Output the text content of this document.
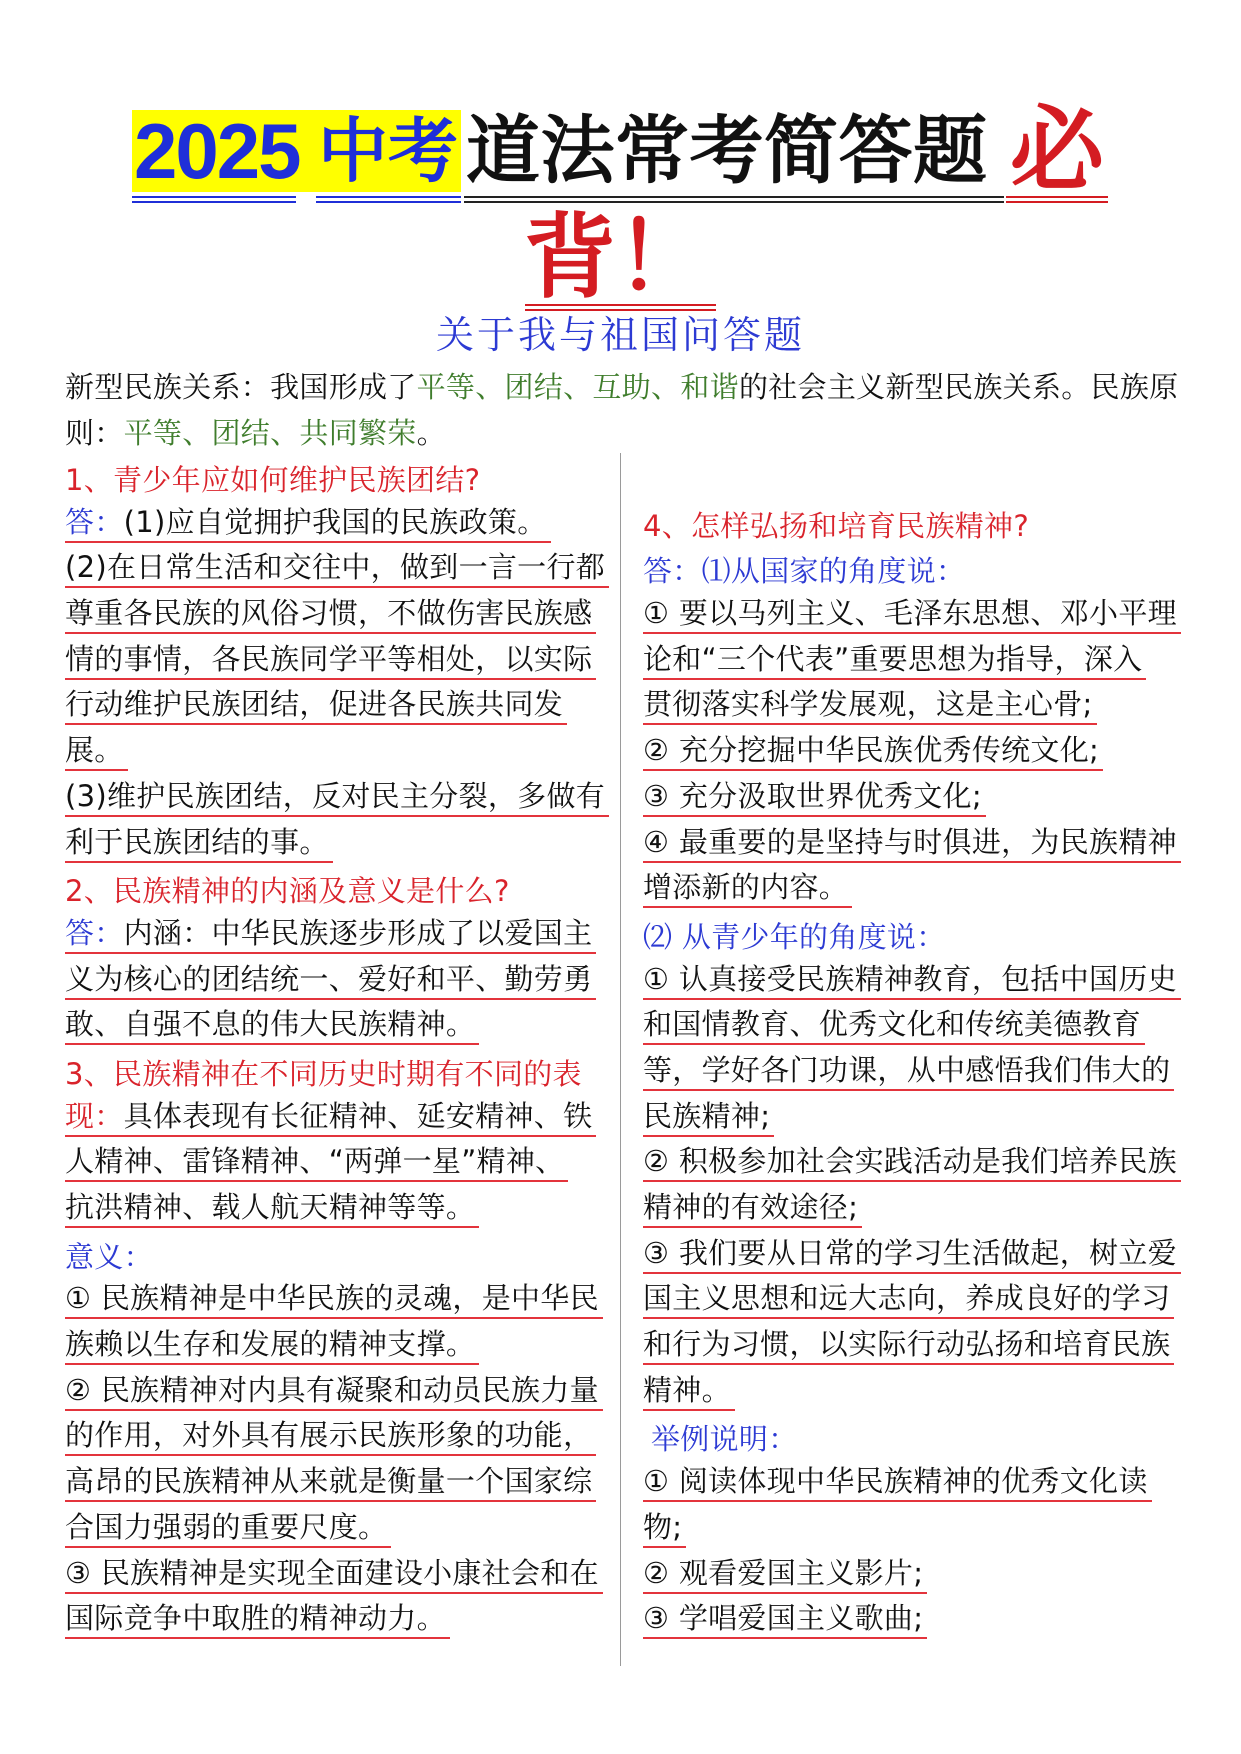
2025 中考 道法常考简答题 必
背！
关于我与祖国问答题
新型民族关系： 我国形成了 平等、团结、互助、和谐 的社会主义新型民族关系。民族原
则： 平等、团结、共同繁荣 。
1、青少年应如何维护民族团结?
答：(1)应自觉拥护我国的民族政策。
(2)在日常生活和交往中，做到一言一行都
尊重各民族的风俗习惯，不做伤害民族感
情的事情，各民族同学平等相处，以实际
行动维护民族团结，促进各民族共同发
展。
(3)维护民族团结，反对民主分裂，多做有
利于民族团结的事。
2、民族精神的内涵及意义是什么?
答：内涵：中华民族逐步形成了以爱国主
义为核心的团结统一、爱好和平、勤劳勇
敢、自强不息的伟大民族精神。
3、民族精神在不同历史时期有不同的表
现：具体表现有长征精神、延安精神、铁
人精神、雷锋精神、“两弹一星”精神、
抗洪精神、载人航天精神等等。
意义：
① 民族精神是中华民族的灵魂，是中华民
族赖以生存和发展的精神支撑。
② 民族精神对内具有凝聚和动员民族力量
的作用，对外具有展示民族形象的功能，
高昂的民族精神从来就是衡量一个国家综
合国力强弱的重要尺度。
③ 民族精神是实现全面建设小康社会和在
国际竞争中取胜的精神动力。
4、怎样弘扬和培育民族精神?
答： ⑴从国家的角度说：
① 要以马列主义、毛泽东思想、邓小平理
论和“三个代表”重要思想为指导，深入
贯彻落实科学发展观，这是主心骨;
② 充分挖掘中华民族优秀传统文化;
③ 充分汲取世界优秀文化;
④ 最重要的是坚持与时俱进，为民族精神
增添新的内容。
⑵ 从青少年的角度说：
① 认真接受民族精神教育，包括中国历史
和国情教育、优秀文化和传统美德教育
等，学好各门功课，从中感悟我们伟大的
民族精神;
② 积极参加社会实践活动是我们培养民族
精神的有效途径;
③ 我们要从日常的学习生活做起，树立爱
国主义思想和远大志向，养成良好的学习
和行为习惯，以实际行动弘扬和培育民族
精神。
举例说明：
① 阅读体现中华民族精神的优秀文化读
物;
② 观看爱国主义影片;
③ 学唱爱国主义歌曲;
